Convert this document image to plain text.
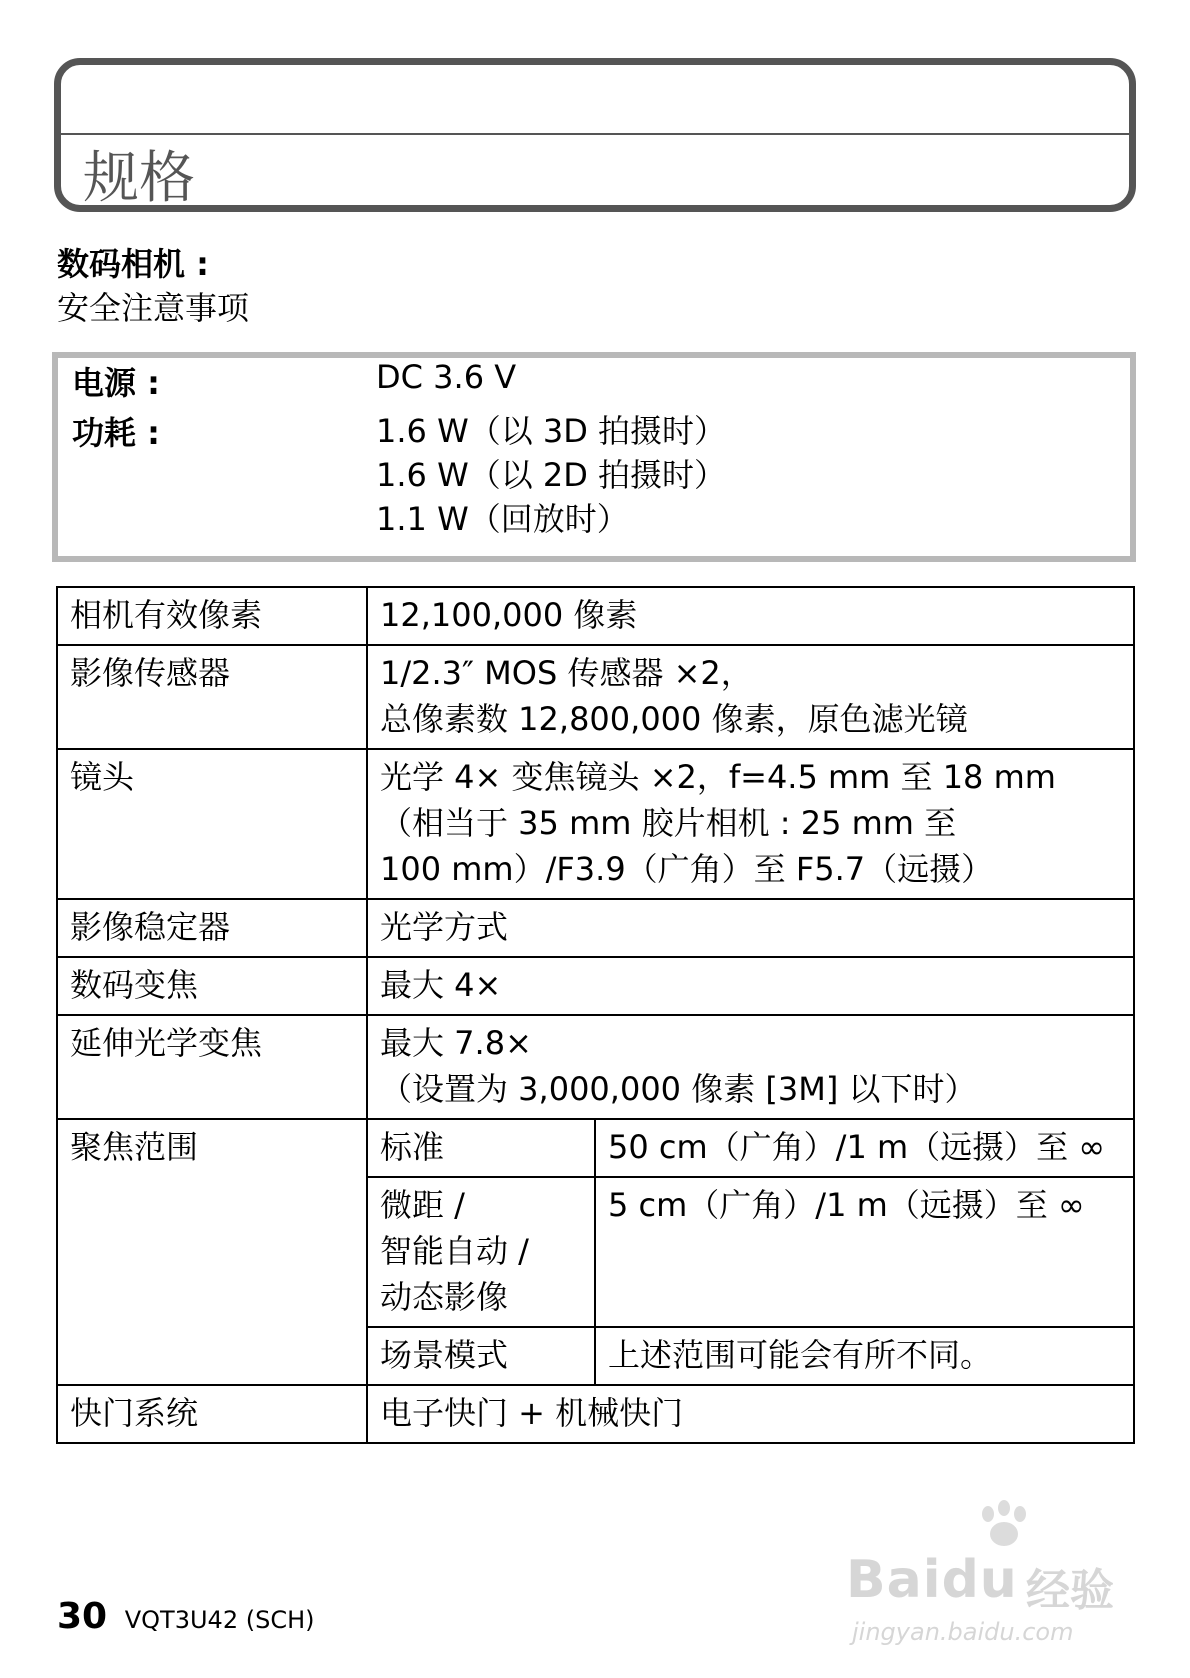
规格
数码相机 :
安全注意事项
电源 :	DC 3.6 V
功耗 :	1.6 W（以 3D 拍摄时）
1.6 W（以 2D 拍摄时）
1.1 W（回放时）
相机有效像素	12,100,000 像素	
影像传感器	1/2.3″ MOS 传感器 ×2，
总像素数 12,800,000 像素，原色滤光镜	

镜头	光学 4× 变焦镜头 ×2，f=4.5 mm 至 18 mm
（相当于 35 mm 胶片相机 : 25 mm 至
100 mm）/F3.9（广角）至 F5.7（远摄）	

影像稳定器	光学方式	
数码变焦	最大 4×	
延伸光学变焦	最大 7.8×
（设置为 3,000,000 像素 [3M] 以下时）	

聚焦范围	标准	50 cm（广角）/1 m（远摄）至 ∞

	微距 /
智能自动 /
动态影像	5 cm（广角）/1 m（远摄）至 ∞
	场景模式	上述范围可能会有所不同。
快门系统	电子快门 + 机械快门	
30 VQT3U42 (SCH)
Baidu 经验
jingyan.baidu.com
